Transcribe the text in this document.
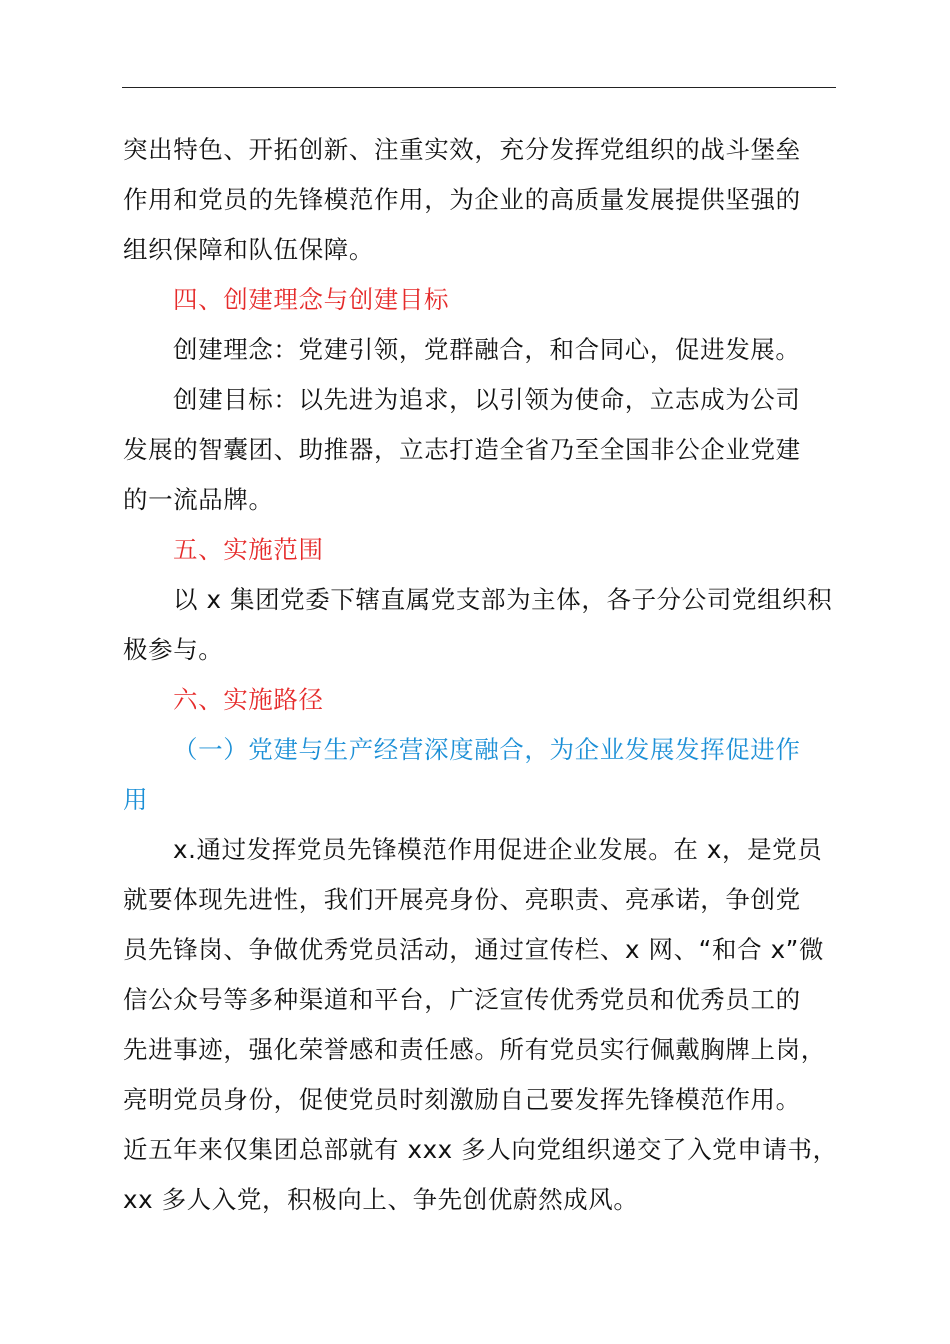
突出特色、开拓创新、注重实效，充分发挥党组织的战斗堡垒
作用和党员的先锋模范作用，为企业的高质量发展提供坚强的
组织保障和队伍保障。
四、创建理念与创建目标
创建理念：党建引领，党群融合，和合同心，促进发展。
创建目标：以先进为追求，以引领为使命，立志成为公司
发展的智囊团、助推器，立志打造全省乃至全国非公企业党建
的一流品牌。
五、实施范围
以 x 集团党委下辖直属党支部为主体，各子分公司党组织积
极参与。
六、实施路径
（一）党建与生产经营深度融合，为企业发展发挥促进作
用
x.通过发挥党员先锋模范作用促进企业发展。在 x，是党员
就要体现先进性，我们开展亮身份、亮职责、亮承诺，争创党
员先锋岗、争做优秀党员活动，通过宣传栏、x 网、“和合 x”微
信公众号等多种渠道和平台，广泛宣传优秀党员和优秀员工的
先进事迹，强化荣誉感和责任感。所有党员实行佩戴胸牌上岗，
亮明党员身份，促使党员时刻激励自己要发挥先锋模范作用。
近五年来仅集团总部就有 xxx 多人向党组织递交了入党申请书，
xx 多人入党，积极向上、争先创优蔚然成风。
